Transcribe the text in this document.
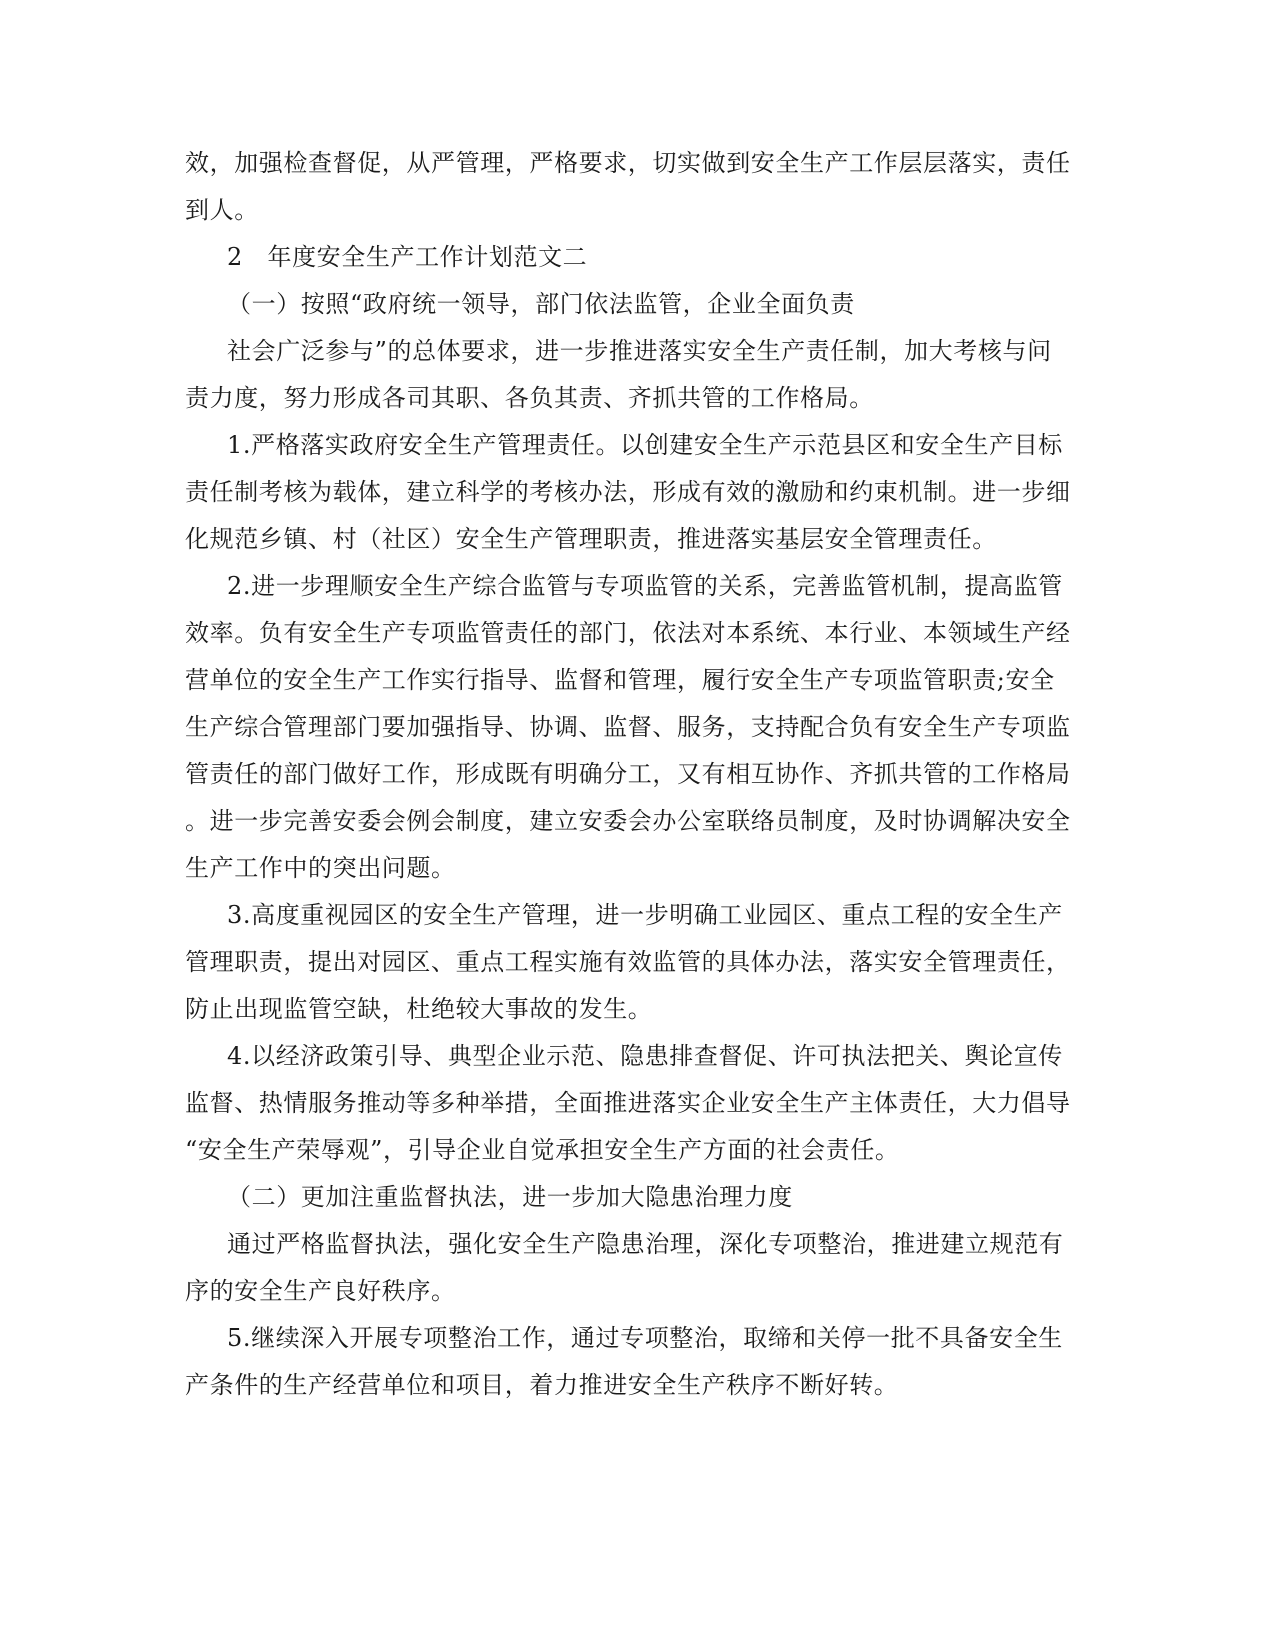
效，加强检查督促，从严管理，严格要求，切实做到安全生产工作层层落实，责任
到人。
2　年度安全生产工作计划范文二
（一）按照“政府统一领导，部门依法监管，企业全面负责
社会广泛参与”的总体要求，进一步推进落实安全生产责任制，加大考核与问
责力度，努力形成各司其职、各负其责、齐抓共管的工作格局。
1.严格落实政府安全生产管理责任。以创建安全生产示范县区和安全生产目标
责任制考核为载体，建立科学的考核办法，形成有效的激励和约束机制。进一步细
化规范乡镇、村（社区）安全生产管理职责，推进落实基层安全管理责任。
2.进一步理顺安全生产综合监管与专项监管的关系，完善监管机制，提高监管
效率。负有安全生产专项监管责任的部门，依法对本系统、本行业、本领域生产经
营单位的安全生产工作实行指导、监督和管理，履行安全生产专项监管职责;安全
生产综合管理部门要加强指导、协调、监督、服务，支持配合负有安全生产专项监
管责任的部门做好工作，形成既有明确分工，又有相互协作、齐抓共管的工作格局
。进一步完善安委会例会制度，建立安委会办公室联络员制度，及时协调解决安全
生产工作中的突出问题。
3.高度重视园区的安全生产管理，进一步明确工业园区、重点工程的安全生产
管理职责，提出对园区、重点工程实施有效监管的具体办法，落实安全管理责任，
防止出现监管空缺，杜绝较大事故的发生。
4.以经济政策引导、典型企业示范、隐患排查督促、许可执法把关、舆论宣传
监督、热情服务推动等多种举措，全面推进落实企业安全生产主体责任，大力倡导
“安全生产荣辱观”，引导企业自觉承担安全生产方面的社会责任。
（二）更加注重监督执法，进一步加大隐患治理力度
通过严格监督执法，强化安全生产隐患治理，深化专项整治，推进建立规范有
序的安全生产良好秩序。
5.继续深入开展专项整治工作，通过专项整治，取缔和关停一批不具备安全生
产条件的生产经营单位和项目，着力推进安全生产秩序不断好转。
